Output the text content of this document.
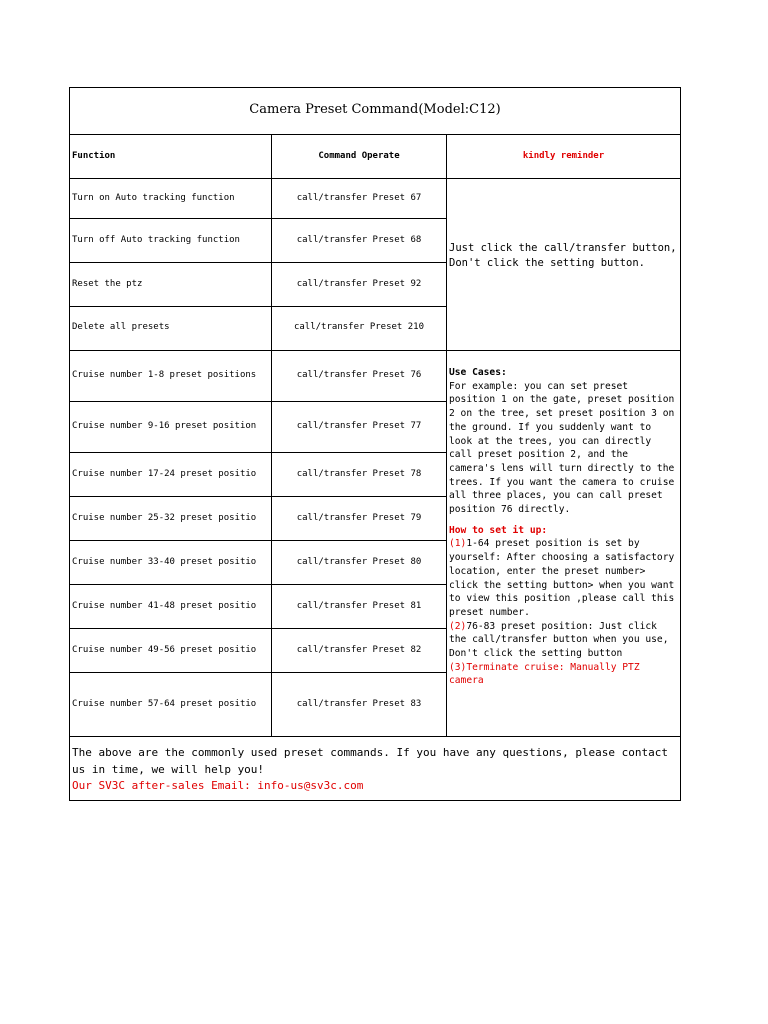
Camera Preset Command(Model:C12)
Function	Command Operate	kindly reminder
Turn on Auto tracking function	call/transfer Preset 67
Turn off Auto tracking function	call/transfer Preset 68
Reset the ptz	call/transfer Preset 92
Delete all presets	call/transfer Preset 210
Cruise number 1-8 preset positions	call/transfer Preset 76
Cruise number 9-16 preset position	call/transfer Preset 77
Cruise number 17-24 preset positio	call/transfer Preset 78
Cruise number 25-32 preset positio	call/transfer Preset 79
Cruise number 33-40 preset positio	call/transfer Preset 80
Cruise number 41-48 preset positio	call/transfer Preset 81
Cruise number 49-56 preset positio	call/transfer Preset 82
Cruise number 57-64 preset positio	call/transfer Preset 83
Just click the call/transfer button,
Don't click the setting button.
Use Cases:
For example: you can set preset position 1 on the gate, preset position 2 on the tree, set preset position 3 on the ground. If you suddenly want to look at the trees, you can directly call preset position 2, and the camera's lens will turn directly to the trees. If you want the camera to cruise all three places, you can call preset position 76 directly.
How to set it up:
(1)1-64 preset position is set by yourself: After choosing a satisfactory location, enter the preset number> click the setting button> when you want to view this position ,please call this preset number.
(2)76-83 preset position: Just click the call/transfer button when you use, Don't click the setting button
(3)Terminate cruise: Manually PTZ camera
The above are the commonly used preset commands. If you have any questions, please contact us in time, we will help you!
Our SV3C after-sales Email: info-us@sv3c.com
